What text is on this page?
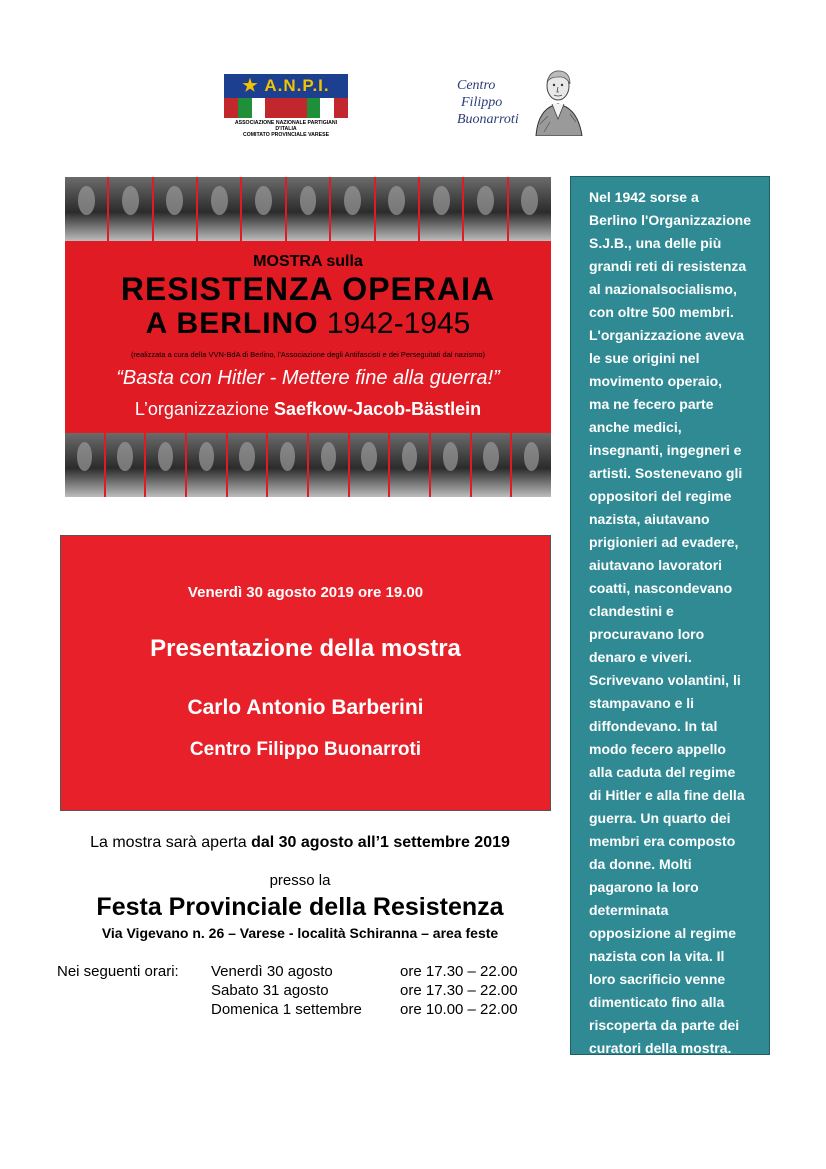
★ A.N.P.I.
ASSOCIAZIONE NAZIONALE PARTIGIANI D'ITALIA
COMITATO PROVINCIALE VARESE
Centro
Filippo
Buonarroti
MOSTRA sulla
RESISTENZA OPERAIA
A BERLINO 1942-1945
(realizzata a cura della VVN-BdA di Berlino, l'Associazione degli Antifascisti e dei Perseguitati dal nazismo)
“Basta con Hitler - Mettere fine alla guerra!”
L’organizzazione Saefkow-Jacob-Bästlein
Venerdì 30 agosto 2019 ore 19.00
Presentazione della mostra
Carlo Antonio Barberini
Centro Filippo Buonarroti
La mostra sarà aperta dal 30 agosto all’1 settembre 2019
presso la
Festa Provinciale della Resistenza
Via Vigevano n. 26 – Varese - località Schiranna – area feste
Nei seguenti orari:	Venerdì 30 agosto	ore 17.30 – 22.00
	Sabato 31 agosto	ore 17.30 – 22.00
	Domenica 1 settembre	ore 10.00 – 22.00
Nel 1942 sorse a
Berlino l'Organizzazione
S.J.B., una delle più
grandi reti di resistenza
al nazionalsocialismo,
con oltre 500 membri.
L'organizzazione aveva
le sue origini nel
movimento operaio,
ma ne fecero parte
anche medici,
insegnanti, ingegneri e
artisti. Sostenevano gli
oppositori del regime
nazista, aiutavano
prigionieri ad evadere,
aiutavano lavoratori
coatti, nascondevano
clandestini e
procuravano loro
denaro e viveri.
Scrivevano volantini, li
stampavano e li
diffondevano. In tal
modo fecero appello
alla caduta del regime
di Hitler e alla fine della
guerra. Un quarto dei
membri era composto
da donne. Molti
pagarono la loro
determinata
opposizione al regime
nazista con la vita. Il
loro sacrificio venne
dimenticato fino alla
riscoperta da parte dei
curatori della mostra.
